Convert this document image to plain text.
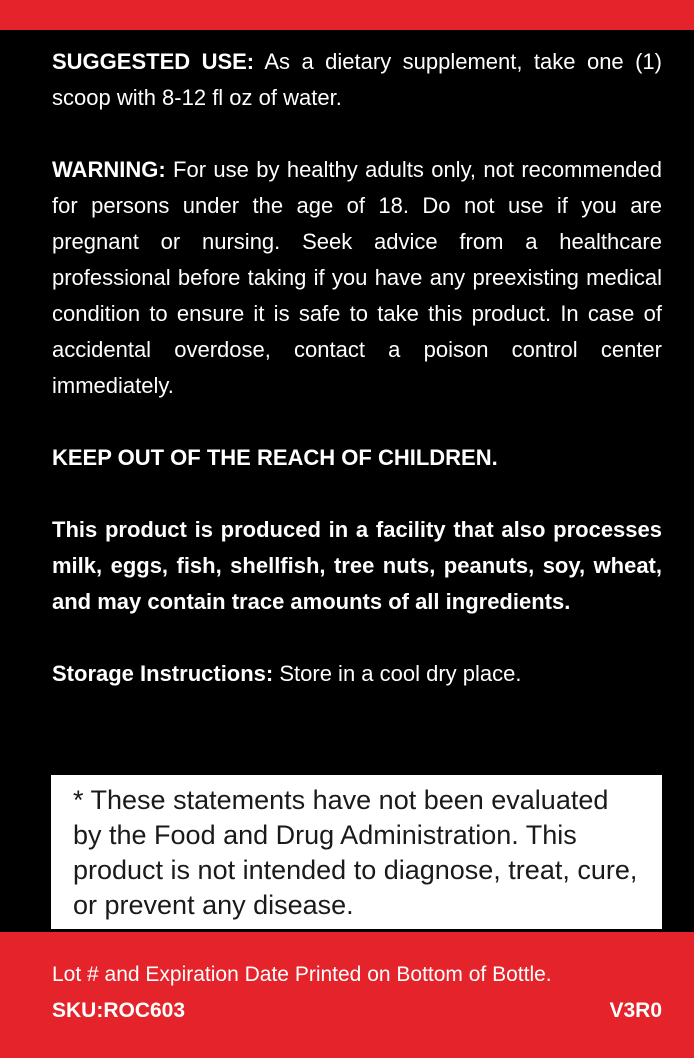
SUGGESTED USE: As a dietary supplement, take one (1) scoop with 8-12 fl oz of water.

WARNING: For use by healthy adults only, not recommended for persons under the age of 18. Do not use if you are pregnant or nursing. Seek advice from a healthcare professional before taking if you have any preexisting medical condition to ensure it is safe to take this product. In case of accidental overdose, contact a poison control center immediately.

KEEP OUT OF THE REACH OF CHILDREN.

This product is produced in a facility that also processes milk, eggs, fish, shellfish, tree nuts, peanuts, soy, wheat, and may contain trace amounts of all ingredients.

Storage Instructions: Store in a cool dry place.

* These statements have not been evaluated by the Food and Drug Administration. This product is not intended to diagnose, treat, cure, or prevent any disease.
Lot # and Expiration Date Printed on Bottom of Bottle.
SKU:ROC603	V3R0
